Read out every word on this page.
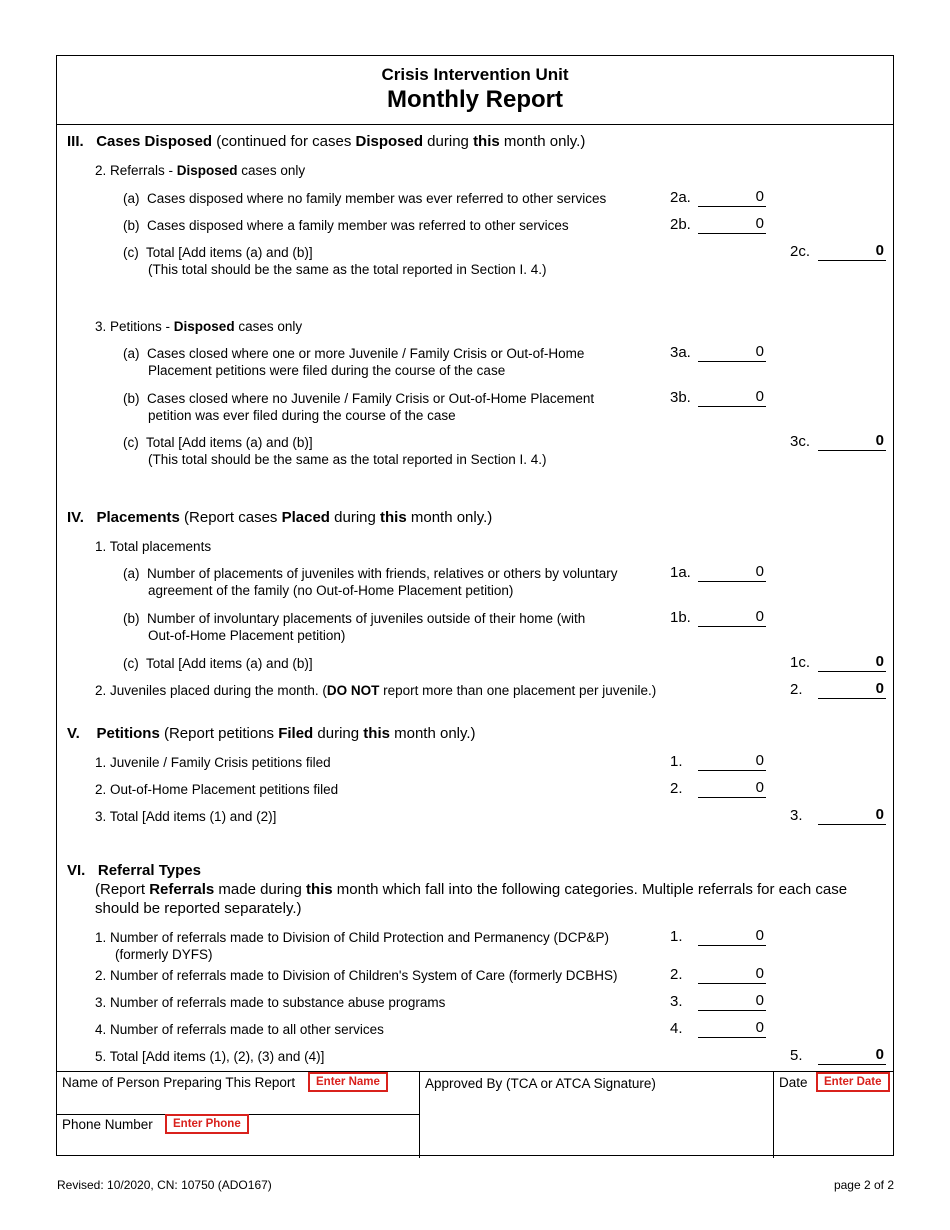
Crisis Intervention Unit
Monthly Report
III. Cases Disposed (continued for cases Disposed during this month only.)
2. Referrals - Disposed cases only
(a) Cases disposed where no family member was ever referred to other services	2a.	0
(b) Cases disposed where a family member was referred to other services	2b.	0
(c) Total [Add items (a) and (b)]
(This total should be the same as the total reported in Section I. 4.)
2c.	0
3. Petitions - Disposed cases only
(a) Cases closed where one or more Juvenile / Family Crisis or Out-of-Home
Placement petitions were filed during the course of the case
3a.	0
(b) Cases closed where no Juvenile / Family Crisis or Out-of-Home Placement
petition was ever filed during the course of the case
3b.	0
(c) Total [Add items (a) and (b)]
(This total should be the same as the total reported in Section I. 4.)
3c.	0
IV. Placements (Report cases Placed during this month only.)
1. Total placements
(a) Number of placements of juveniles with friends, relatives or others by voluntary
agreement of the family (no Out-of-Home Placement petition)
1a.	0
(b) Number of involuntary placements of juveniles outside of their home (with
Out-of-Home Placement petition)
1b.	0
(c) Total [Add items (a) and (b)]	1c.	0
2. Juveniles placed during the month. (DO NOT report more than one placement per juvenile.)	2.	0
V. Petitions (Report petitions Filed during this month only.)
1. Juvenile / Family Crisis petitions filed	1.	0
2. Out-of-Home Placement petitions filed	2.	0
3. Total [Add items (1) and (2)]	3.	0
VI. Referral Types
(Report Referrals made during this month which fall into the following categories. Multiple referrals for each case
should be reported separately.)
1. Number of referrals made to Division of Child Protection and Permanency (DCP&P)
(formerly DYFS)
1.	0
2. Number of referrals made to Division of Children's System of Care (formerly DCBHS)	2.	0
3. Number of referrals made to substance abuse programs	3.	0
4. Number of referrals made to all other services	4.	0
5. Total [Add items (1), (2), (3) and (4)]	5.	0
Name of Person Preparing This Report	Enter Name
Phone Number	Enter Phone
Approved By (TCA or ATCA Signature)	Date	Enter Date
Revised: 10/2020, CN: 10750 (ADO167)	page 2 of 2
